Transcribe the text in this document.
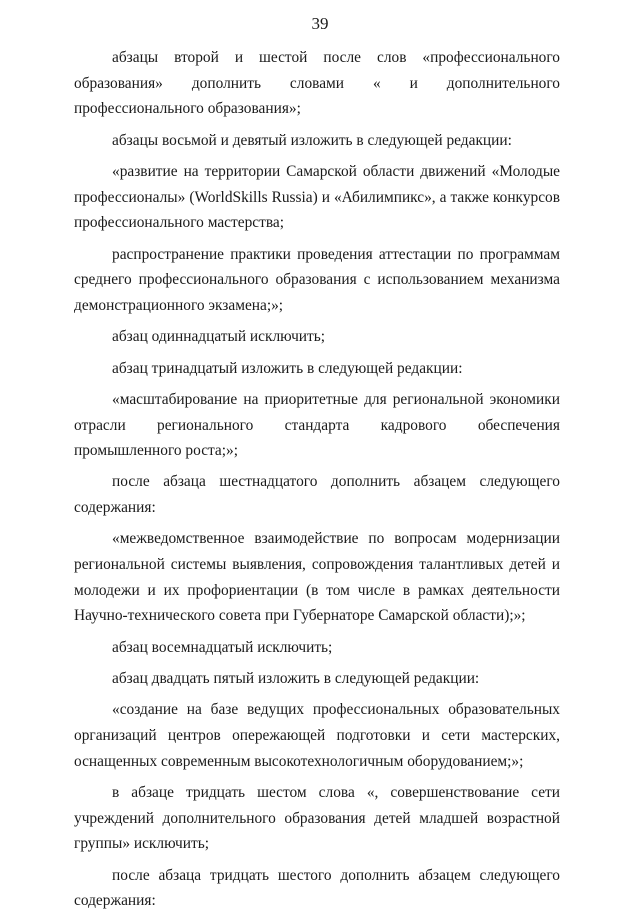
39

абзацы второй и шестой после слов «профессионального образования» дополнить словами « и дополнительного профессионального образования»;

абзацы восьмой и девятый изложить в следующей редакции:

«развитие на территории Самарской области движений «Молодые профессионалы» (WorldSkills Russia) и «Абилимпикс», а также конкурсов профессионального мастерства;

распространение практики проведения аттестации по программам среднего профессионального образования с использованием механизма демонстрационного экзамена;»;

абзац одиннадцатый исключить;

абзац тринадцатый изложить в следующей редакции:

«масштабирование на приоритетные для региональной экономики отрасли регионального стандарта кадрового обеспечения промышленного роста;»;

после абзаца шестнадцатого дополнить абзацем следующего содержания:

«межведомственное взаимодействие по вопросам модернизации региональной системы выявления, сопровождения талантливых детей и молодежи и их профориентации (в том числе в рамках деятельности Научно-технического совета при Губернаторе Самарской области);»;

абзац восемнадцатый исключить;

абзац двадцать пятый изложить в следующей редакции:

«создание на базе ведущих профессиональных образовательных организаций центров опережающей подготовки и сети мастерских, оснащенных современным высокотехнологичным оборудованием;»;

в абзаце тридцать шестом слова «, совершенствование сети учреждений дополнительного образования детей младшей возрастной группы» исключить;

после абзаца тридцать шестого дополнить абзацем следующего содержания:
